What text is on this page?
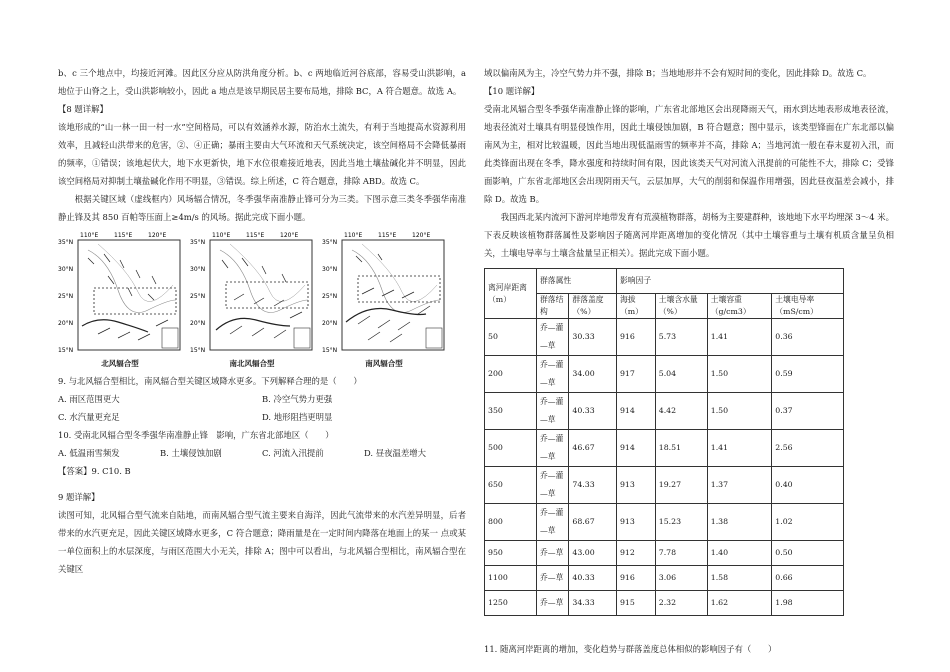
b、c 三个地点中，均接近河滩。因此区分应从防洪角度分析。b、c 两地临近河谷底部，容易受山洪影响，a 地位于山脊之上，受山洪影响较小，因此 a 地点是该早期民居主要布局地，排除 BC，A 符合题意。故选 A。

【8 题详解】

该地形成的“山一林一田一村一水”空间格局，可以有效涵养水源，防治水土流失，有利于当地提高水资源利用效率，且减轻山洪带来的危害，②、④正确；暴雨主要由大气环流和天气系统决定，该空间格局不会降低暴雨的频率，①错误；该地起伏大，地下水更新快，地下水位很难接近地表，因此当地土壤盐碱化并不明显，因此该空间格局对抑制土壤盐碱化作用不明显，③错误。综上所述，C 符合题意，排除 ABD。故选 C。

根据关键区域（虚线框内）风场辐合情况，冬季强华南准静止锋可分为三类。下图示意三类冬季强华南准静止锋及其 850 百帕等压面上≥4m/s 的风场。据此完成下面小题。

110°E	115°E	120°E
35°N
30°N
25°N
20°N
15°N
北风辐合型
110°E	115°E	120°E
35°N
30°N
25°N
20°N
15°N
南北风辐合型
110°E	115°E	120°E
35°N
30°N
25°N
20°N
15°N
南风辐合型

9. 与北风辐合型相比，南风辐合型关键区域降水更多。下列解释合理的是（　　）

A. 雨区范围更大	B. 冷空气势力更强
C. 水汽量更充足	D. 地形阻挡更明显

10. 受南北风辐合型冬季强华南准静止锋　影响，广东省北部地区（　　）

A. 低温雨雪频发	B. 土壤侵蚀加剧	C. 河流入汛提前	D. 昼夜温差增大

【答案】9. C10. B

9 题详解】

读图可知，北风辐合型气流来自陆地，而南风辐合型气流主要来自海洋，因此气流带来的水汽差异明显，后者带来的水汽更充足，因此关键区域降水更多，C 符合题意；降雨量是在一定时间内降落在地面上的某一 点或某一单位面积上的水层深度，与雨区范围大小无关，排除 A；图中可以看出，与北风辐合型相比，南风辐合型在关键区

域以偏南风为主，冷空气势力并不强，排除 B；当地地形并不会有短时间的变化，因此排除 D。故选 C。

【10 题详解】

受南北风辐合型冬季强华南准静止锋的影响，广东省北部地区会出现降雨天气，雨水到达地表形成地表径流，地表径流对土壤具有明显侵蚀作用，因此土壤侵蚀加剧，B 符合题意；图中显示，该类型锋面在广东北部以偏南风为主，相对比较温暖，因此当地出现低温雨雪的频率并不高，排除 A；当地河流一般在春末夏初入汛，而此类锋面出现在冬季，降水强度和持续时间有限，因此该类天气对河流入汛提前的可能性不大，排除 C；受锋面影响，广东省北部地区会出现阴雨天气，云层加厚，大气的削弱和保温作用增强，因此昼夜温差会减小，排除 D。故选 B。

我国西北某内流河下游河岸地带发育有荒漠植物群落，胡杨为主要建群种，该地地下水平均埋深 3～4 米。下表反映该植物群落属性及影响因子随离河岸距离增加的变化情况（其中土壤容重与土壤有机质含量呈负相关，土壤电导率与土壤含盐量呈正相关）。据此完成下面小题。

离河岸距离（m）	群落属性		影响因子			
	群落结构	群落盖度（%）	海拔（m）	土壤含水量（%）	土壤容重（g/cm3）	土壤电导率（mS/cm）
50	乔—灌—草	30.33	916	5.73	1.41	0.36
200	乔—灌—草	34.00	917	5.04	1.50	0.59
350	乔—灌—草	40.33	914	4.42	1.50	0.37
500	乔—灌—草	46.67	914	18.51	1.41	2.56
650	乔—灌—草	74.33	913	19.27	1.37	0.40
800	乔—灌—草	68.67	913	15.23	1.38	1.02
950	乔—草	43.00	912	7.78	1.40	0.50
1100	乔—草	40.33	916	3.06	1.58	0.66
1250	乔—草	34.33	915	2.32	1.62	1.98

11. 随离河岸距离的增加，变化趋势与群落盖度总体相似的影响因子有（　　）
